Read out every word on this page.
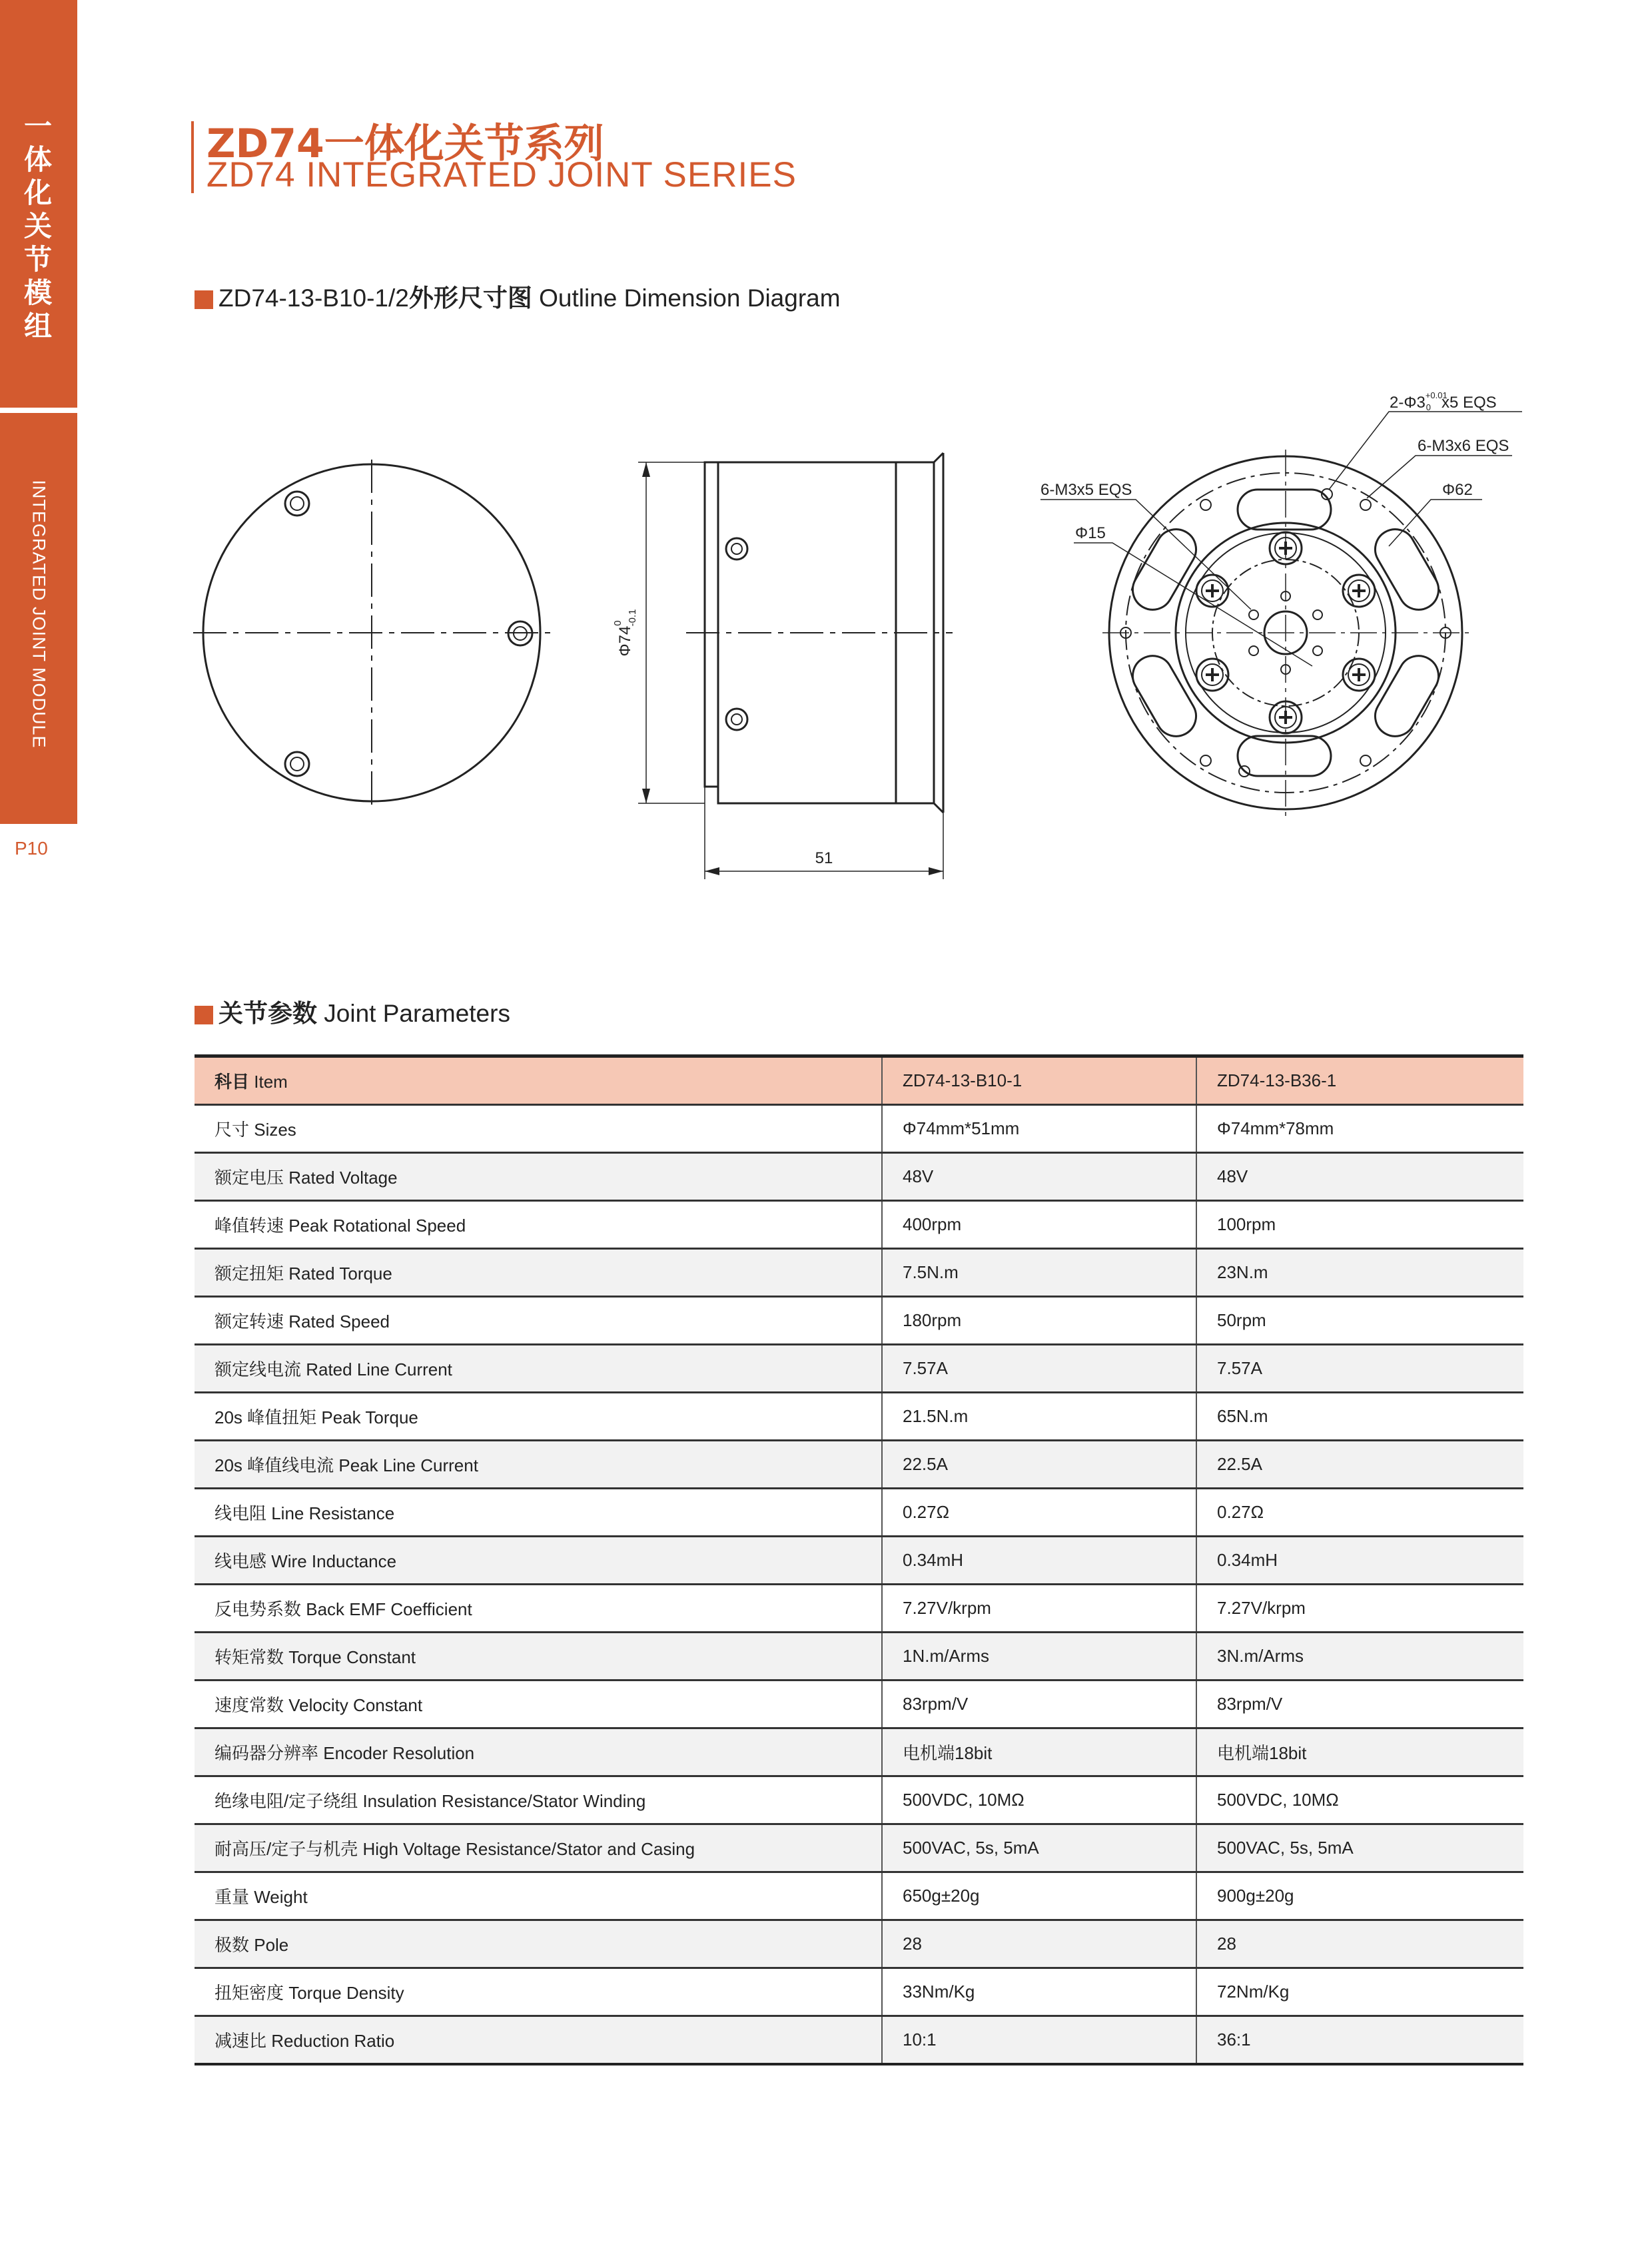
一体化关节模组
INTEGRATED JOINT MODULE
P10
ZD74一体化关节系列
ZD74 INTEGRATED JOINT SERIES
ZD74-13-B10-1/2外形尺寸图 Outline Dimension Diagram
$\Phi 74^0$ -0.1
51
$2-\Phi 3^{+0.01}$ 0 x5 EQS
6-M3x6 EQS
Φ62
6-M3x5 EQS
Φ15
关节参数 Joint Parameters
科目 Item	ZD74-13-B10-1	ZD74-13-B36-1
尺寸 Sizes	Φ74mm*51mm	Φ74mm*78mm
额定电压 Rated Voltage	48V	48V
峰值转速 Peak Rotational Speed	400rpm	100rpm
额定扭矩 Rated Torque	7.5N.m	23N.m
额定转速 Rated Speed	180rpm	50rpm
额定线电流 Rated Line Current	7.57A	7.57A
20s 峰值扭矩 Peak Torque	21.5N.m	65N.m
20s 峰值线电流 Peak Line Current	22.5A	22.5A
线电阻 Line Resistance	0.27Ω	0.27Ω
线电感 Wire Inductance	0.34mH	0.34mH
反电势系数 Back EMF Coefficient	7.27V/krpm	7.27V/krpm
转矩常数 Torque Constant	1N.m/Arms	3N.m/Arms
速度常数 Velocity Constant	83rpm/V	83rpm/V
编码器分辨率 Encoder Resolution	电机端18bit	电机端18bit
绝缘电阻/定子绕组 Insulation Resistance/Stator Winding	500VDC, 10MΩ	500VDC, 10MΩ
耐高压/定子与机壳 High Voltage Resistance/Stator and Casing	500VAC, 5s, 5mA	500VAC, 5s, 5mA
重量 Weight	650g±20g	900g±20g
极数 Pole	28	28
扭矩密度 Torque Density	33Nm/Kg	72Nm/Kg
减速比 Reduction Ratio	10:1	36:1
